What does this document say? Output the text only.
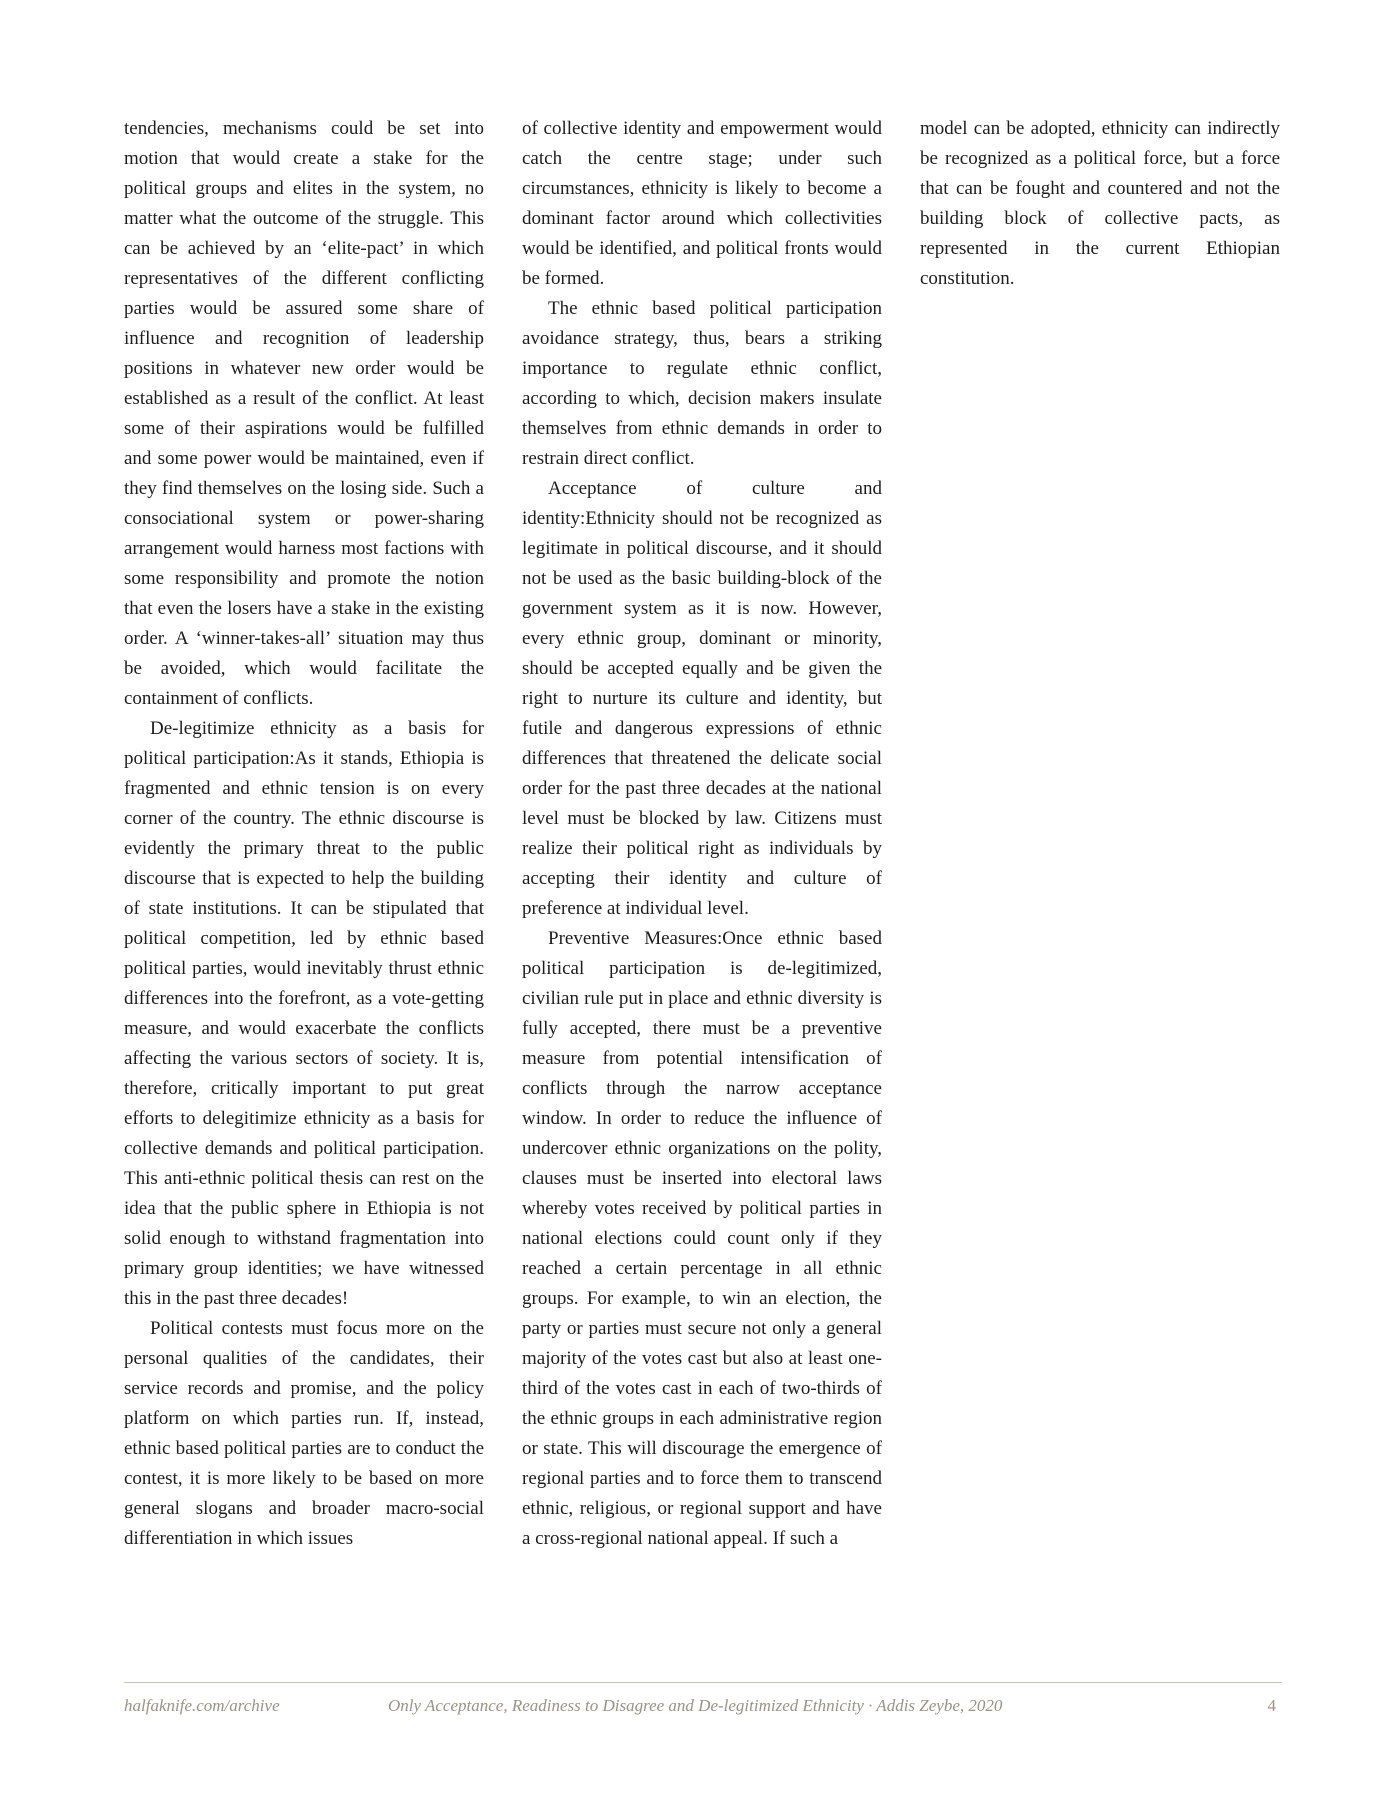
tendencies, mechanisms could be set into motion that would create a stake for the political groups and elites in the system, no matter what the outcome of the struggle. This can be achieved by an ‘elite-pact’ in which representatives of the different conflicting parties would be assured some share of influence and recognition of leadership positions in whatever new order would be established as a result of the conflict. At least some of their aspirations would be fulfilled and some power would be maintained, even if they find themselves on the losing side. Such a consociational system or power-sharing arrangement would harness most factions with some responsibility and promote the notion that even the losers have a stake in the existing order. A ‘winner-takes-all’ situation may thus be avoided, which would facilitate the containment of conflicts.

De-legitimize ethnicity as a basis for political participation:As it stands, Ethiopia is fragmented and ethnic tension is on every corner of the country. The ethnic discourse is evidently the primary threat to the public discourse that is expected to help the building of state institutions. It can be stipulated that political competition, led by ethnic based political parties, would inevitably thrust ethnic differences into the forefront, as a vote-getting measure, and would exacerbate the conflicts affecting the various sectors of society. It is, therefore, critically important to put great efforts to delegitimize ethnicity as a basis for collective demands and political participation. This anti-ethnic political thesis can rest on the idea that the public sphere in Ethiopia is not solid enough to withstand fragmentation into primary group identities; we have witnessed this in the past three decades!

Political contests must focus more on the personal qualities of the candidates, their service records and promise, and the policy platform on which parties run. If, instead, ethnic based political parties are to conduct the contest, it is more likely to be based on more general slogans and broader macro-social differentiation in which issues

of collective identity and empowerment would catch the centre stage; under such circumstances, ethnicity is likely to become a dominant factor around which collectivities would be identified, and political fronts would be formed.

The ethnic based political participation avoidance strategy, thus, bears a striking importance to regulate ethnic conflict, according to which, decision makers insulate themselves from ethnic demands in order to restrain direct conflict.

Acceptance of culture and identity:Ethnicity should not be recognized as legitimate in political discourse, and it should not be used as the basic building-block of the government system as it is now. However, every ethnic group, dominant or minority, should be accepted equally and be given the right to nurture its culture and identity, but futile and dangerous expressions of ethnic differences that threatened the delicate social order for the past three decades at the national level must be blocked by law. Citizens must realize their political right as individuals by accepting their identity and culture of preference at individual level.

Preventive Measures:Once ethnic based political participation is de-legitimized, civilian rule put in place and ethnic diversity is fully accepted, there must be a preventive measure from potential intensification of conflicts through the narrow acceptance window. In order to reduce the influence of undercover ethnic organizations on the polity, clauses must be inserted into electoral laws whereby votes received by political parties in national elections could count only if they reached a certain percentage in all ethnic groups. For example, to win an election, the party or parties must secure not only a general majority of the votes cast but also at least one-third of the votes cast in each of two-thirds of the ethnic groups in each administrative region or state. This will discourage the emergence of regional parties and to force them to transcend ethnic, religious, or regional support and have a cross-regional national appeal. If such a

model can be adopted, ethnicity can indirectly be recognized as a political force, but a force that can be fought and countered and not the building block of collective pacts, as represented in the current Ethiopian constitution.

halfaknife.com/archive	Only Acceptance, Readiness to Disagree and De-legitimized Ethnicity · Addis Zeybe, 2020	4
